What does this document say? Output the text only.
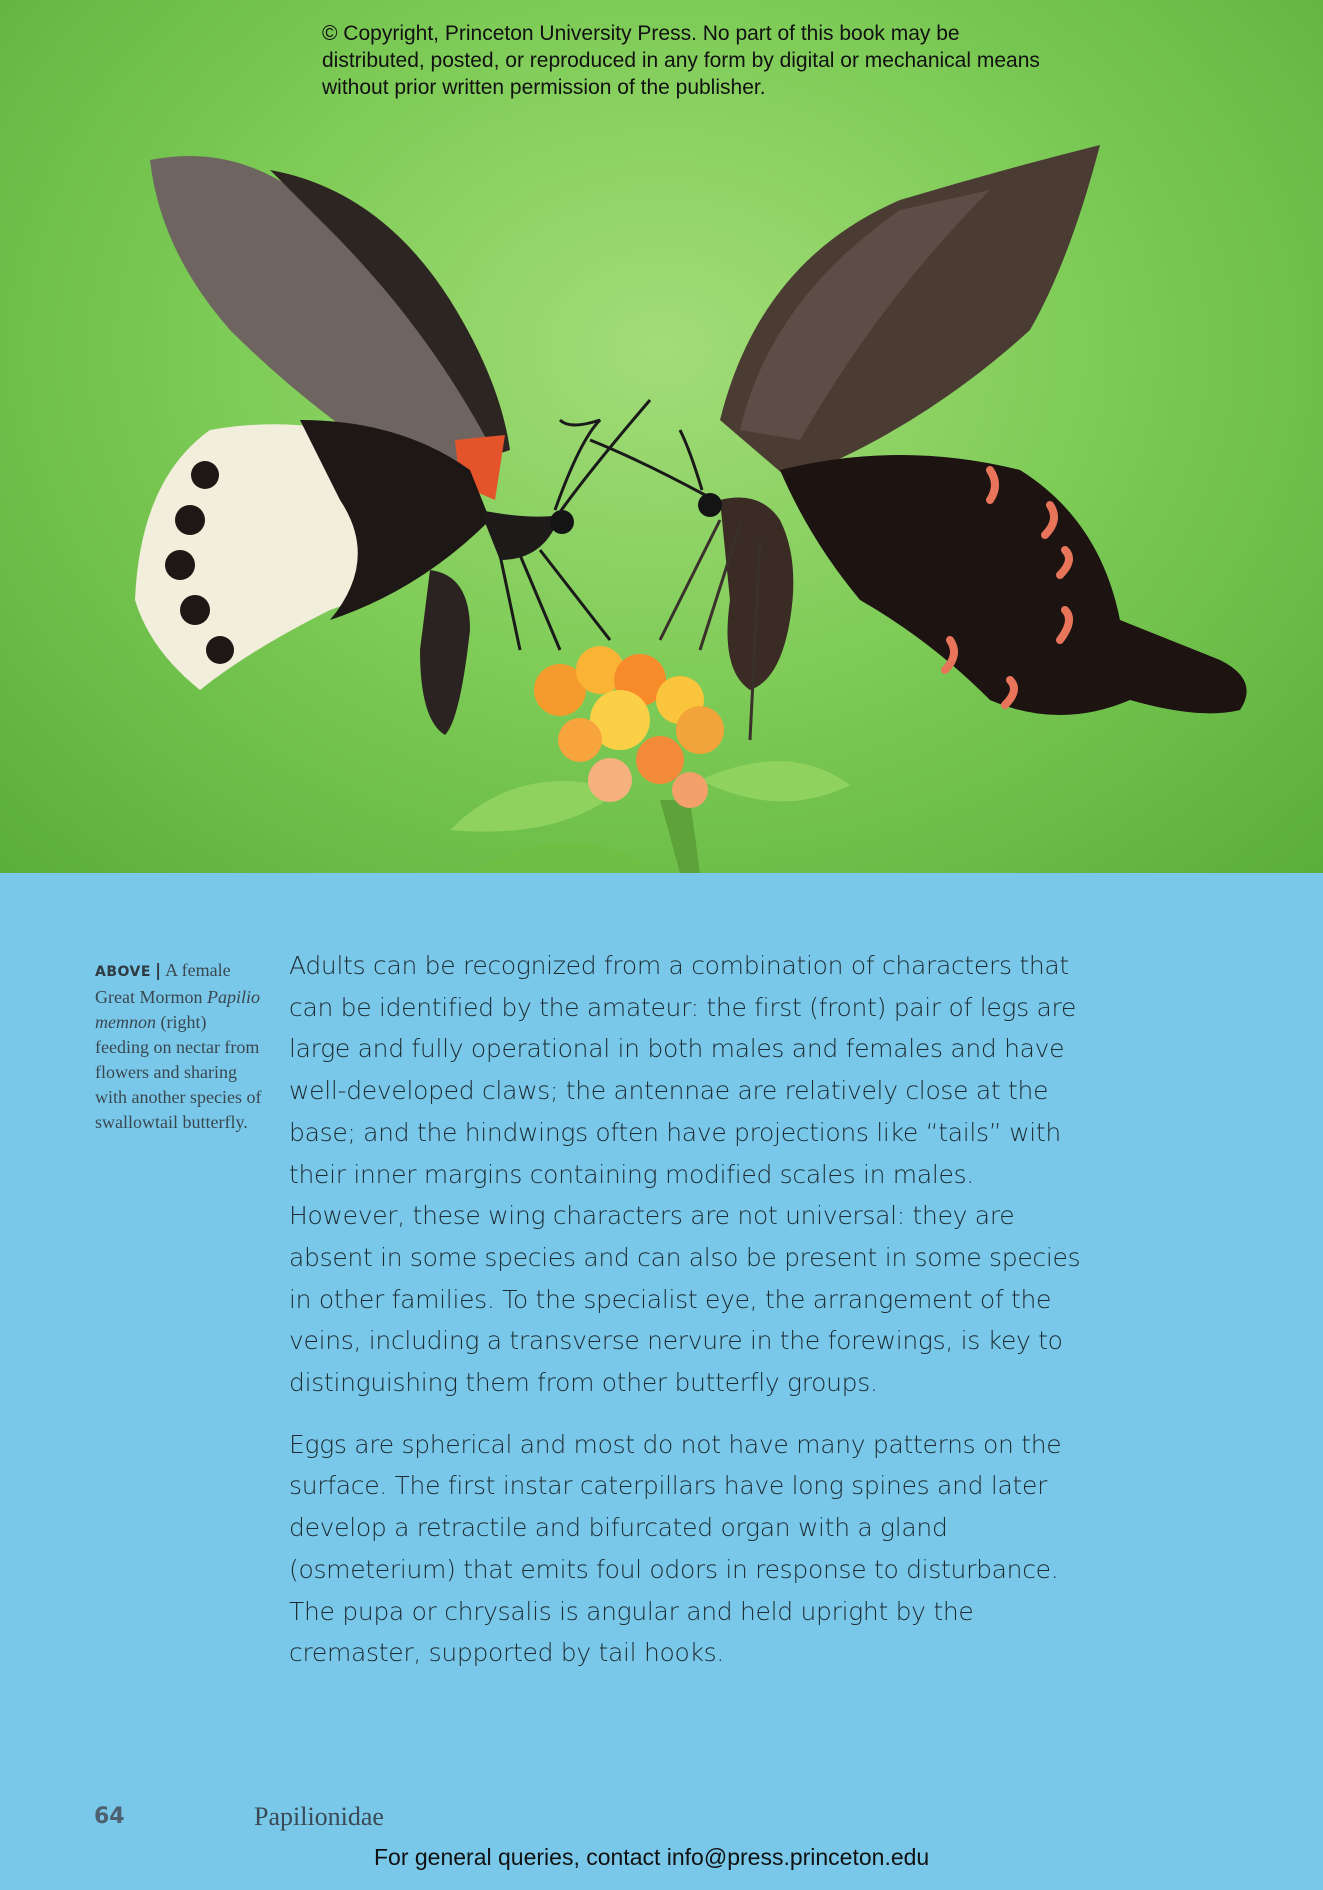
© Copyright, Princeton University Press. No part of this book may be distributed, posted, or reproduced in any form by digital or mechanical means without prior written permission of the publisher.
ABOVE | A female Great Mormon Papilio memnon (right) feeding on nectar from flowers and sharing with another species of swallowtail butterfly.

Adults can be recognized from a combination of characters that can be identified by the amateur: the first (front) pair of legs are large and fully operational in both males and females and have well-developed claws; the antennae are relatively close at the base; and the hindwings often have projections like “tails” with their inner margins containing modified scales in males. However, these wing characters are not universal: they are absent in some species and can also be present in some species in other families. To the specialist eye, the arrangement of the veins, including a transverse nervure in the forewings, is key to distinguishing them from other butterfly groups.

Eggs are spherical and most do not have many patterns on the surface. The first instar caterpillars have long spines and later develop a retractile and bifurcated organ with a gland (osmeterium) that emits foul odors in response to disturbance. The pupa or chrysalis is angular and held upright by the cremaster, supported by tail hooks.

64	Papilionidae
For general queries, contact info@press.princeton.edu
